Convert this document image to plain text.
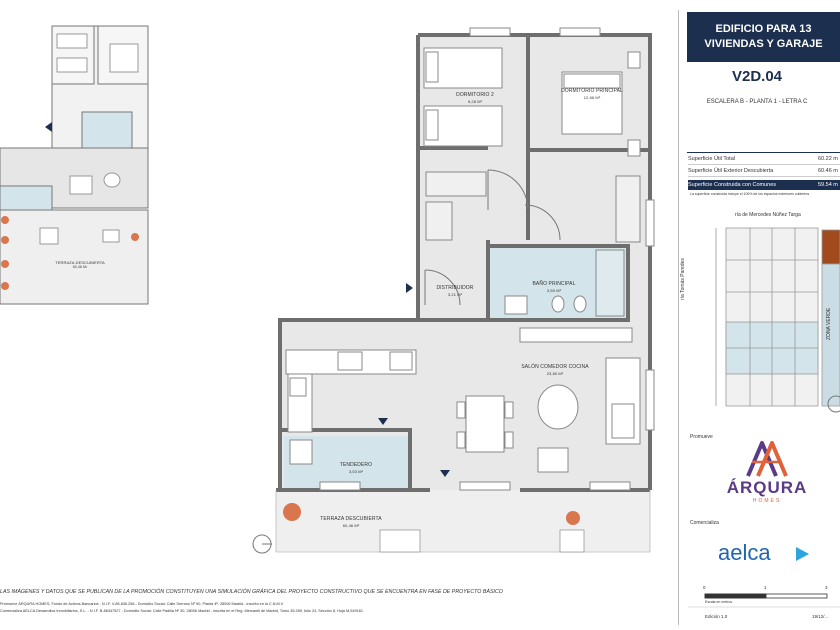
DORMITORIO 2
9,28 M²
DORMITORIO PRINCIPAL
12,66 M²
DISTRIBUIDOR
3,21 M²
BAÑO PRINCIPAL
3,50 M²
SALÓN COMEDOR COCINA
23,60 M²
TENDEDERO
3,53 M²
TERRAZA DESCUBIERTA
60,46 M²
TERRAZA DESCUBIERTA
60,46 M²
EDIFICIO PARA 13
VIVIENDAS Y GARAJE
V2D.04
ESCALERA B - PLANTA 1 - LETRA C
Superficie Útil Total	60.22 m
Superficie Útil Exterior Descubierta	60.46 m
Superficie Construida con Comunes	59.54 m
La superficie construida incluye el 100% de los espacios exteriores cubiertos
ría de Mercedes Núñez Targa
ría Tomás Paredes
ZONA VERDE
Promueve
ÁRQURA
HOMES
Comercializa
aelca
0	1	3
Escala en metros
Edición 1.0	19/12/...
LAS IMÁGENES Y DATOS QUE SE PUBLICAN DE LA PROMOCIÓN CONSTITUYEN UNA SIMULACIÓN GRÁFICA DEL PROYECTO CONSTRUCTIVO QUE SE ENCUENTRA EN FASE DE PROYECTO BÁSICO
Promueve ÁRQURA HOMES, Fondo de Activos Bancarios - N.I.F. V-86.836.256 - Domicilio Social: Calle Serrano Nº 90, Planta 4ª, 28006 Madrid - inscrita en la C.N.M.V
Comercializa AELCA Desarrollos Inmobiliarios, S.L. - N.I.F. B-86347527 - Domicilio Social: Calle Padilla Nº 30, 28006 Madrid - inscrita en el Reg. Mercantil de Madrid, Tomo 35.289, folio 24, Sección 8, Hoja M-549161
